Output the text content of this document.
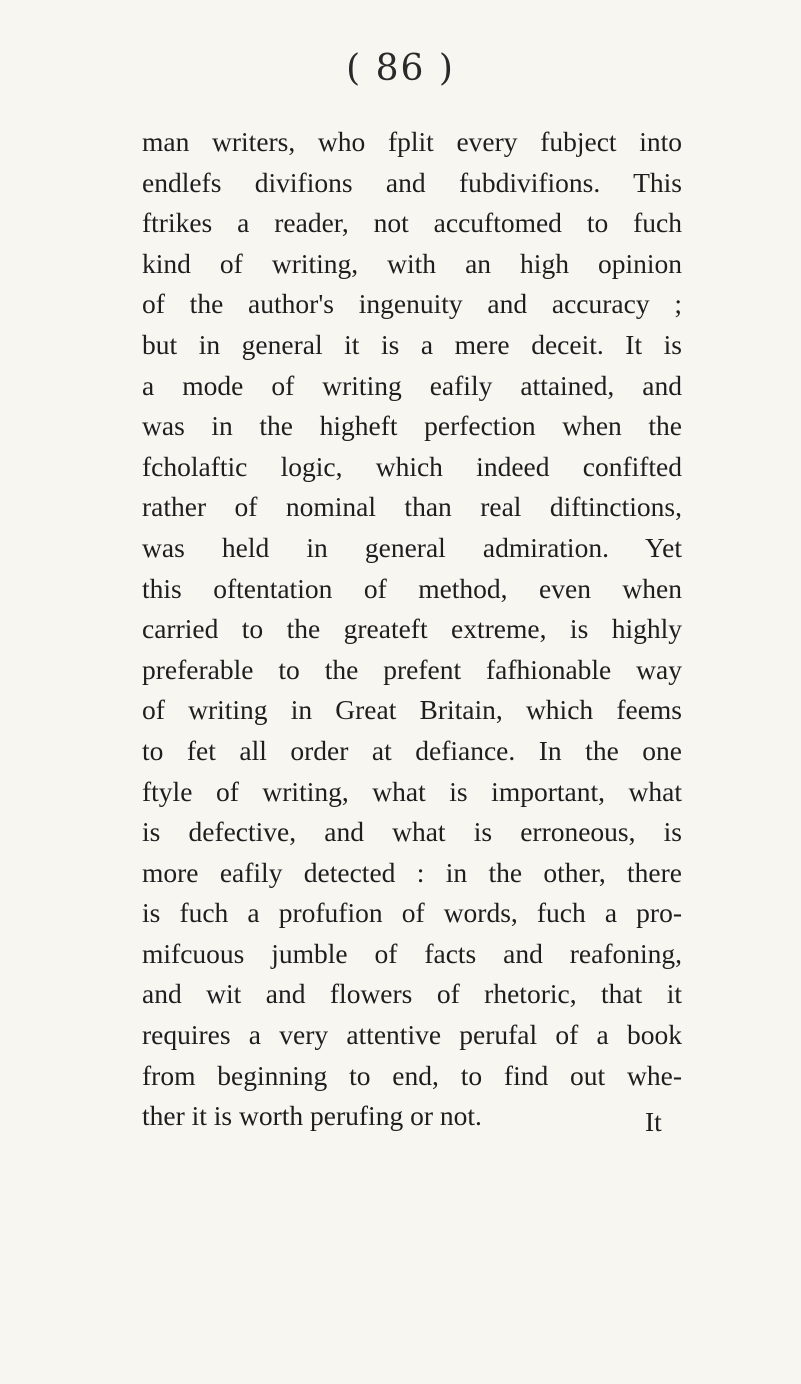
( 86 )
man writers, who fplit every fubject into
endlefs divifions and fubdivifions. This
ftrikes a reader, not accuftomed to fuch
kind of writing, with an high opinion
of the author's ingenuity and accuracy ;
but in general it is a mere deceit. It is
a mode of writing eafily attained, and
was in the higheft perfection when the
fcholaftic logic, which indeed confifted
rather of nominal than real diftinctions,
was held in general admiration. Yet
this oftentation of method, even when
carried to the greateft extreme, is highly
preferable to the prefent fafhionable way
of writing in Great Britain, which feems
to fet all order at defiance. In the one
ftyle of writing, what is important, what
is defective, and what is erroneous, is
more eafily detected : in the other, there
is fuch a profufion of words, fuch a pro-
mifcuous jumble of facts and reafoning,
and wit and flowers of rhetoric, that it
requires a very attentive perufal of a book
from beginning to end, to find out whe-
ther it is worth perufing or not.	It
